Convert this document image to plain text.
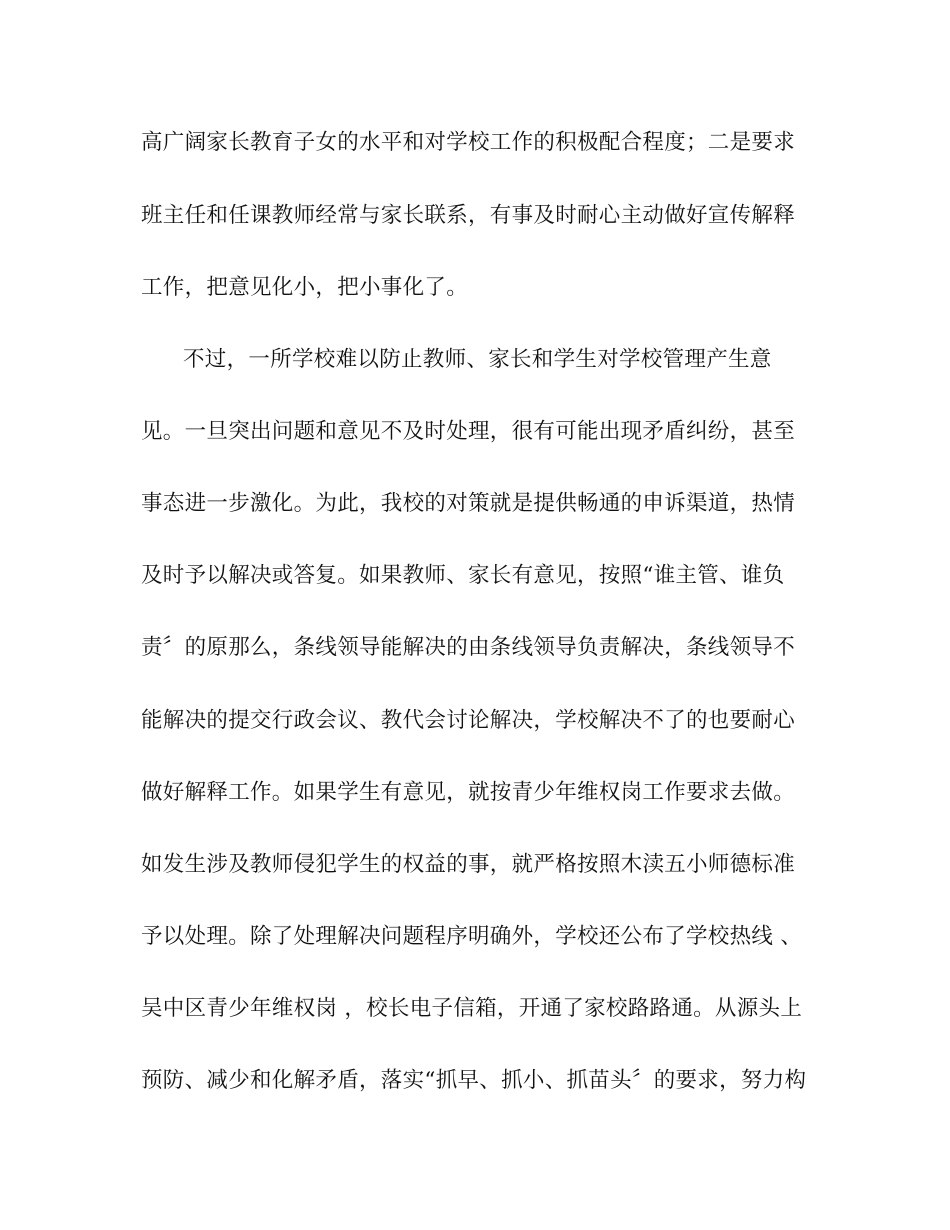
高广阔家长教育子女的水平和对学校工作的积极配合程度；二是要求
班主任和任课教师经常与家长联系，有事及时耐心主动做好宣传解释
工作，把意见化小，把小事化了。
不过，一所学校难以防止教师、家长和学生对学校管理产生意
见。一旦突出问题和意见不及时处理，很有可能出现矛盾纠纷，甚至
事态进一步激化。为此，我校的对策就是提供畅通的申诉渠道，热情
及时予以解决或答复。如果教师、家长有意见，按照“谁主管、谁负
责〞的原那么，条线领导能解决的由条线领导负责解决，条线领导不
能解决的提交行政会议、教代会讨论解决，学校解决不了的也要耐心
做好解释工作。如果学生有意见，就按青少年维权岗工作要求去做。
如发生涉及教师侵犯学生的权益的事，就严格按照木渎五小师德标准
予以处理。除了处理解决问题程序明确外，学校还公布了学校热线 、
吴中区青少年维权岗 ，校长电子信箱，开通了家校路路通。从源头上
预防、减少和化解矛盾，落实“抓早、抓小、抓苗头〞的要求，努力构
